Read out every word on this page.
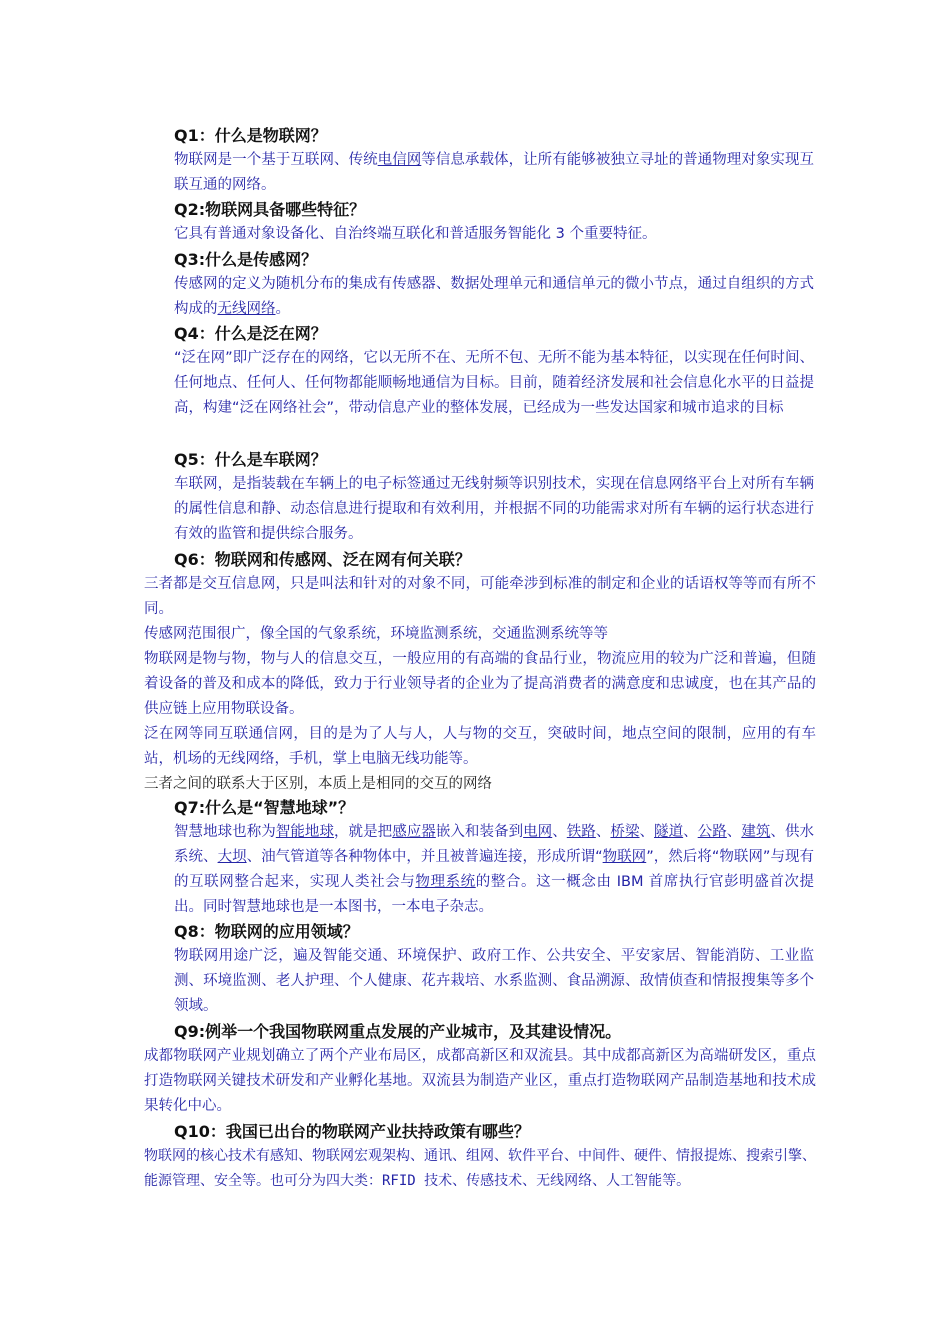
Q1：什么是物联网？
物联网是一个基于互联网、传统电信网等信息承载体，让所有能够被独立寻址的普通物理对象实现互联互通的网络。
Q2:物联网具备哪些特征？
它具有普通对象设备化、自治终端互联化和普适服务智能化 3 个重要特征。
Q3:什么是传感网？
传感网的定义为随机分布的集成有传感器、数据处理单元和通信单元的微小节点，通过自组织的方式构成的无线网络。
Q4：什么是泛在网？
“泛在网”即广泛存在的网络，它以无所不在、无所不包、无所不能为基本特征，以实现在任何时间、任何地点、任何人、任何物都能顺畅地通信为目标。目前，随着经济发展和社会信息化水平的日益提高，构建“泛在网络社会”，带动信息产业的整体发展，已经成为一些发达国家和城市追求的目标
Q5：什么是车联网？
车联网，是指装载在车辆上的电子标签通过无线射频等识别技术，实现在信息网络平台上对所有车辆的属性信息和静、动态信息进行提取和有效利用，并根据不同的功能需求对所有车辆的运行状态进行有效的监管和提供综合服务。
Q6：物联网和传感网、泛在网有何关联？
三者都是交互信息网，只是叫法和针对的对象不同，可能牵涉到标准的制定和企业的话语权等等而有所不同。
传感网范围很广，像全国的气象系统，环境监测系统，交通监测系统等等
物联网是物与物，物与人的信息交互，一般应用的有高端的食品行业，物流应用的较为广泛和普遍，但随着设备的普及和成本的降低，致力于行业领导者的企业为了提高消费者的满意度和忠诚度，也在其产品的供应链上应用物联设备。
泛在网等同互联通信网，目的是为了人与人，人与物的交互，突破时间，地点空间的限制，应用的有车站，机场的无线网络，手机，掌上电脑无线功能等。
三者之间的联系大于区别，本质上是相同的交互的网络
Q7:什么是“智慧地球”？
智慧地球也称为智能地球，就是把感应器嵌入和装备到电网、铁路、桥梁、隧道、公路、建筑、供水系统、大坝、油气管道等各种物体中，并且被普遍连接，形成所谓“物联网”，然后将“物联网”与现有的互联网整合起来，实现人类社会与物理系统的整合。这一概念由 IBM 首席执行官彭明盛首次提出。同时智慧地球也是一本图书，一本电子杂志。
Q8：物联网的应用领域？
物联网用途广泛，遍及智能交通、环境保护、政府工作、公共安全、平安家居、智能消防、工业监测、环境监测、老人护理、个人健康、花卉栽培、水系监测、食品溯源、敌情侦查和情报搜集等多个领域。
Q9:例举一个我国物联网重点发展的产业城市，及其建设情况。
成都物联网产业规划确立了两个产业布局区，成都高新区和双流县。其中成都高新区为高端研发区，重点打造物联网关键技术研发和产业孵化基地。双流县为制造产业区，重点打造物联网产品制造基地和技术成果转化中心。
Q10：我国已出台的物联网产业扶持政策有哪些？
物联网的核心技术有感知、物联网宏观架构、通讯、组网、软件平台、中间件、硬件、情报提炼、搜索引擎、能源管理、安全等。也可分为四大类：RFID 技术、传感技术、无线网络、人工智能等。
